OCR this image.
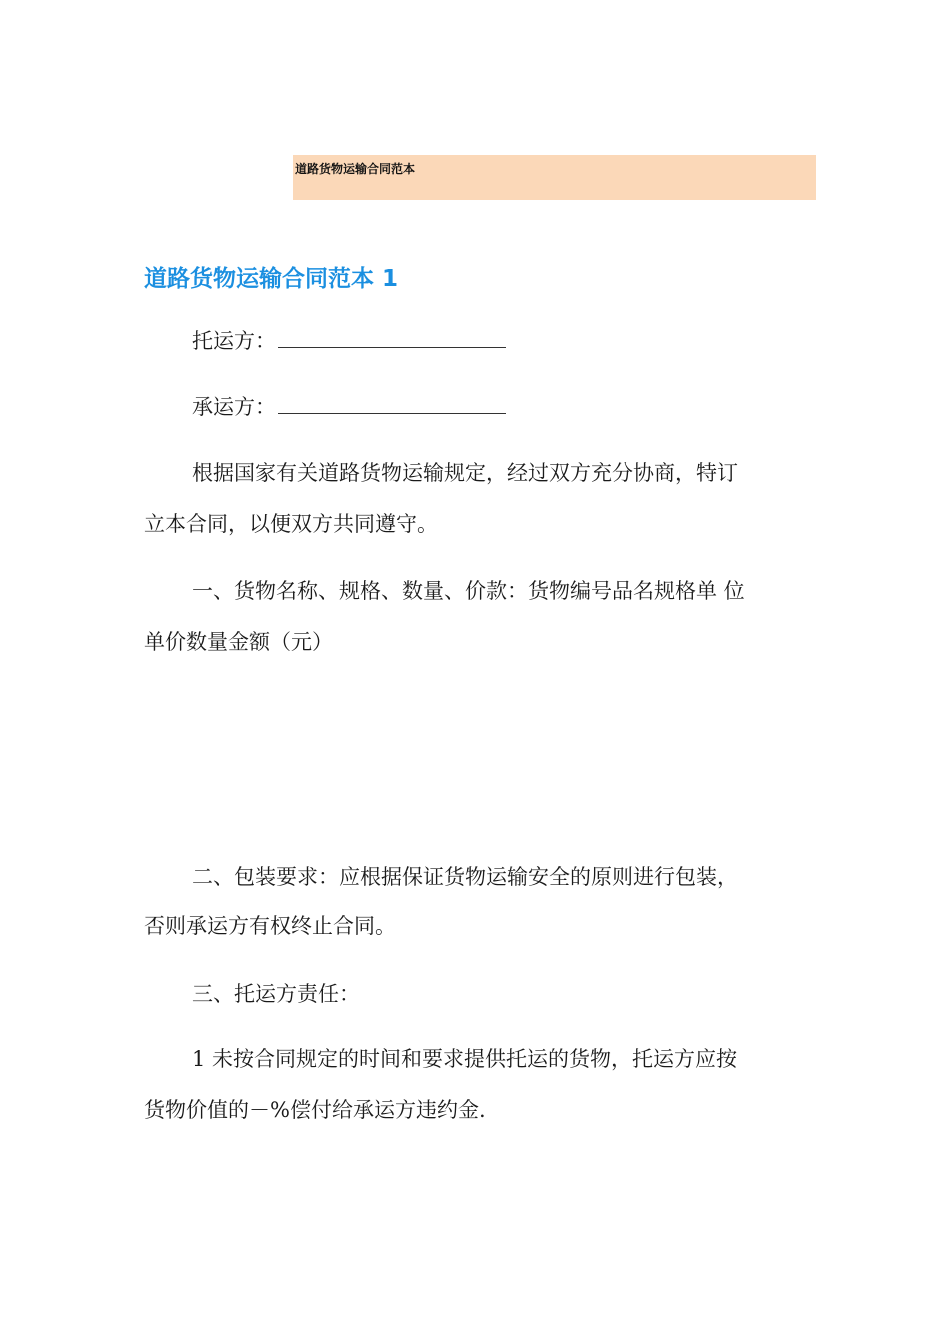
道路货物运输合同范本
道路货物运输合同范本 1
托运方：
承运方：
根据国家有关道路货物运输规定，经过双方充分协商，特订
立本合同，以便双方共同遵守。
一、货物名称、规格、数量、价款：货物编号品名规格单 位
单价数量金额（元）
二、包装要求：应根据保证货物运输安全的原则进行包装，
否则承运方有权终止合同。
三、托运方责任：
1 未按合同规定的时间和要求提供托运的货物，托运方应按
货物价值的－%偿付给承运方违约金.
